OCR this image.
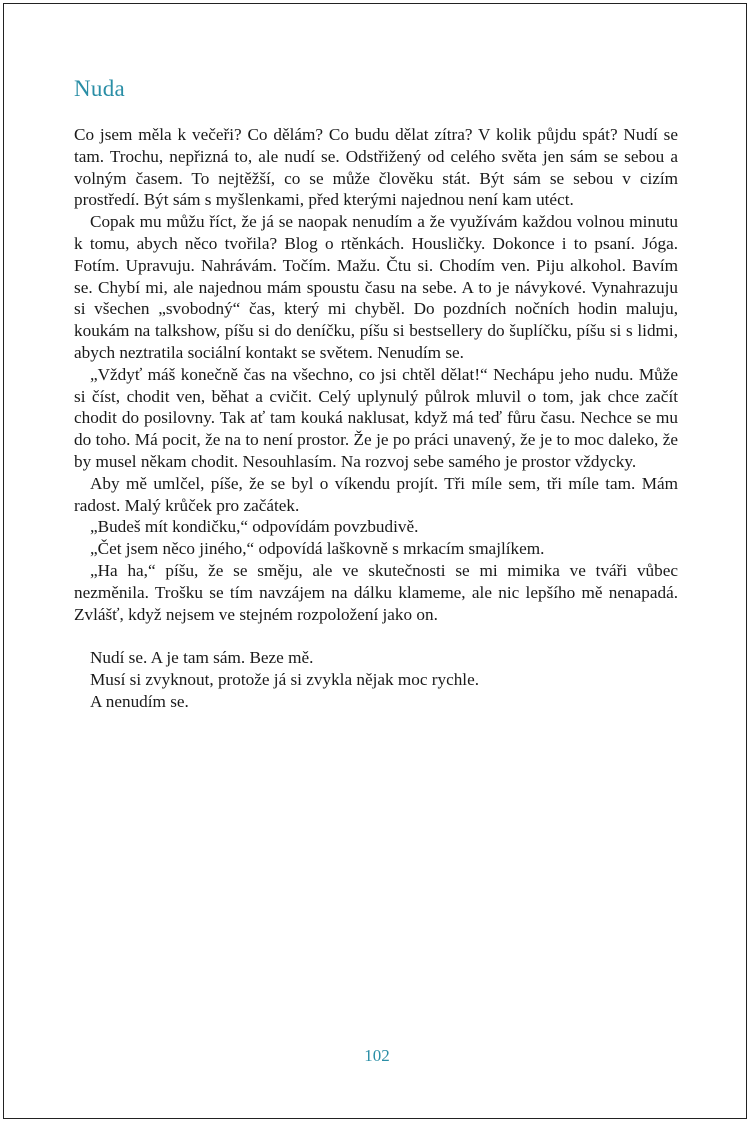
Nuda

Co jsem měla k večeři? Co dělám? Co budu dělat zítra? V kolik půjdu spát? Nudí se tam. Trochu, nepřizná to, ale nudí se. Odstřižený od celého světa jen sám se sebou a volným časem. To nejtěžší, co se může člověku stát. Být sám se sebou v cizím prostředí. Být sám s myšlenkami, před kterými najednou není kam utéct.

Copak mu můžu říct, že já se naopak nenudím a že využívám každou volnou minutu k tomu, abych něco tvořila? Blog o rtěnkách. Housličky. Dokonce i to psaní. Jóga. Fotím. Upravuju. Nahrávám. Točím. Mažu. Čtu si. Chodím ven. Piju alkohol. Bavím se. Chybí mi, ale najednou mám spoustu času na sebe. A to je návykové. Vynahrazuju si všechen „svobodný“ čas, který mi chyběl. Do pozdních nočních hodin maluju, koukám na talkshow, píšu si do deníčku, píšu si bestsellery do šuplíčku, píšu si s lidmi, abych neztratila sociální kontakt se světem. Nenudím se.

„Vždyť máš konečně čas na všechno, co jsi chtěl dělat!“ Nechápu jeho nudu. Může si číst, chodit ven, běhat a cvičit. Celý uplynulý půlrok mluvil o tom, jak chce začít chodit do posilovny. Tak ať tam kouká naklusat, když má teď fůru času. Nechce se mu do toho. Má pocit, že na to není prostor. Že je po práci unavený, že je to moc daleko, že by musel někam chodit. Nesouhlasím. Na rozvoj sebe samého je prostor vždycky.

Aby mě umlčel, píše, že se byl o víkendu projít. Tři míle sem, tři míle tam. Mám radost. Malý krůček pro začátek.

„Budeš mít kondičku,“ odpovídám povzbudivě.

„Čet jsem něco jiného,“ odpovídá laškovně s mrkacím smajlíkem.

„Ha ha,“ píšu, že se směju, ale ve skutečnosti se mi mimika ve tváři vůbec nezměnila. Trošku se tím navzájem na dálku klameme, ale nic lepšího mě nenapadá. Zvlášť, když nejsem ve stejném rozpoložení jako on.

Nudí se. A je tam sám. Beze mě.

Musí si zvyknout, protože já si zvykla nějak moc rychle.

A nenudím se.

102
